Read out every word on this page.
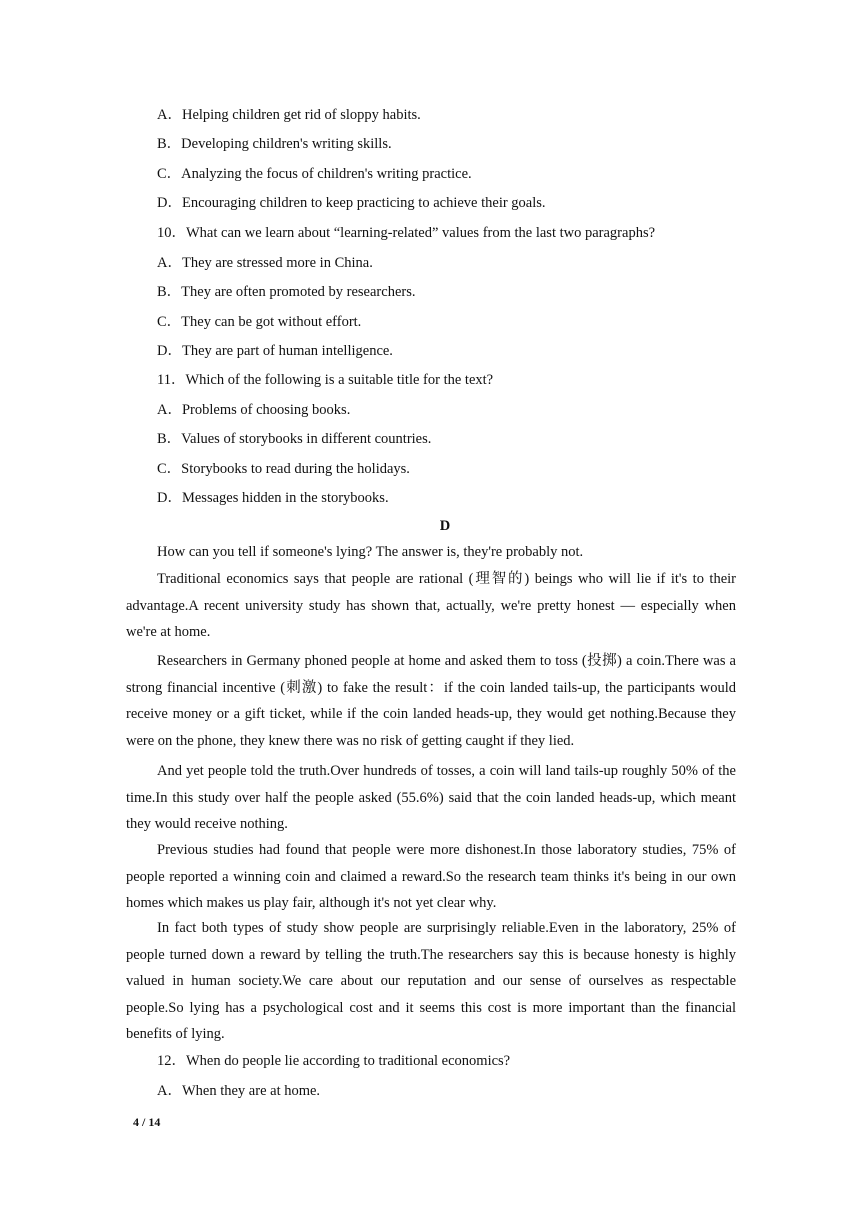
A．Helping children get rid of sloppy habits.
B．Developing children's writing skills.
C．Analyzing the focus of children's writing practice.
D．Encouraging children to keep practicing to achieve their goals.
10．What can we learn about “learning-related” values from the last two paragraphs?
A．They are stressed more in China.
B．They are often promoted by researchers.
C．They can be got without effort.
D．They are part of human intelligence.
11．Which of the following is a suitable title for the text?
A．Problems of choosing books.
B．Values of storybooks in different countries.
C．Storybooks to read during the holidays.
D．Messages hidden in the storybooks.
D
How can you tell if someone's lying? The answer is, they're probably not.
Traditional economics says that people are rational (理智的) beings who will lie if it's to their advantage.A recent university study has shown that, actually, we're pretty honest — especially when we're at home.
Researchers in Germany phoned people at home and asked them to toss (投掷) a coin.There was a strong financial incentive (刺激) to fake the result：if the coin landed tails-up, the participants would receive money or a gift ticket, while if the coin landed heads-up, they would get nothing.Because they were on the phone, they knew there was no risk of getting caught if they lied.
And yet people told the truth.Over hundreds of tosses, a coin will land tails-up roughly 50% of the time.In this study over half the people asked (55.6%) said that the coin landed heads-up, which meant they would receive nothing.
Previous studies had found that people were more dishonest.In those laboratory studies, 75% of people reported a winning coin and claimed a reward.So the research team thinks it's being in our own homes which makes us play fair, although it's not yet clear why.
In fact both types of study show people are surprisingly reliable.Even in the laboratory, 25% of people turned down a reward by telling the truth.The researchers say this is because honesty is highly valued in human society.We care about our reputation and our sense of ourselves as respectable people.So lying has a psychological cost and it seems this cost is more important than the financial benefits of lying.
12．When do people lie according to traditional economics?
A．When they are at home.
4 / 14
